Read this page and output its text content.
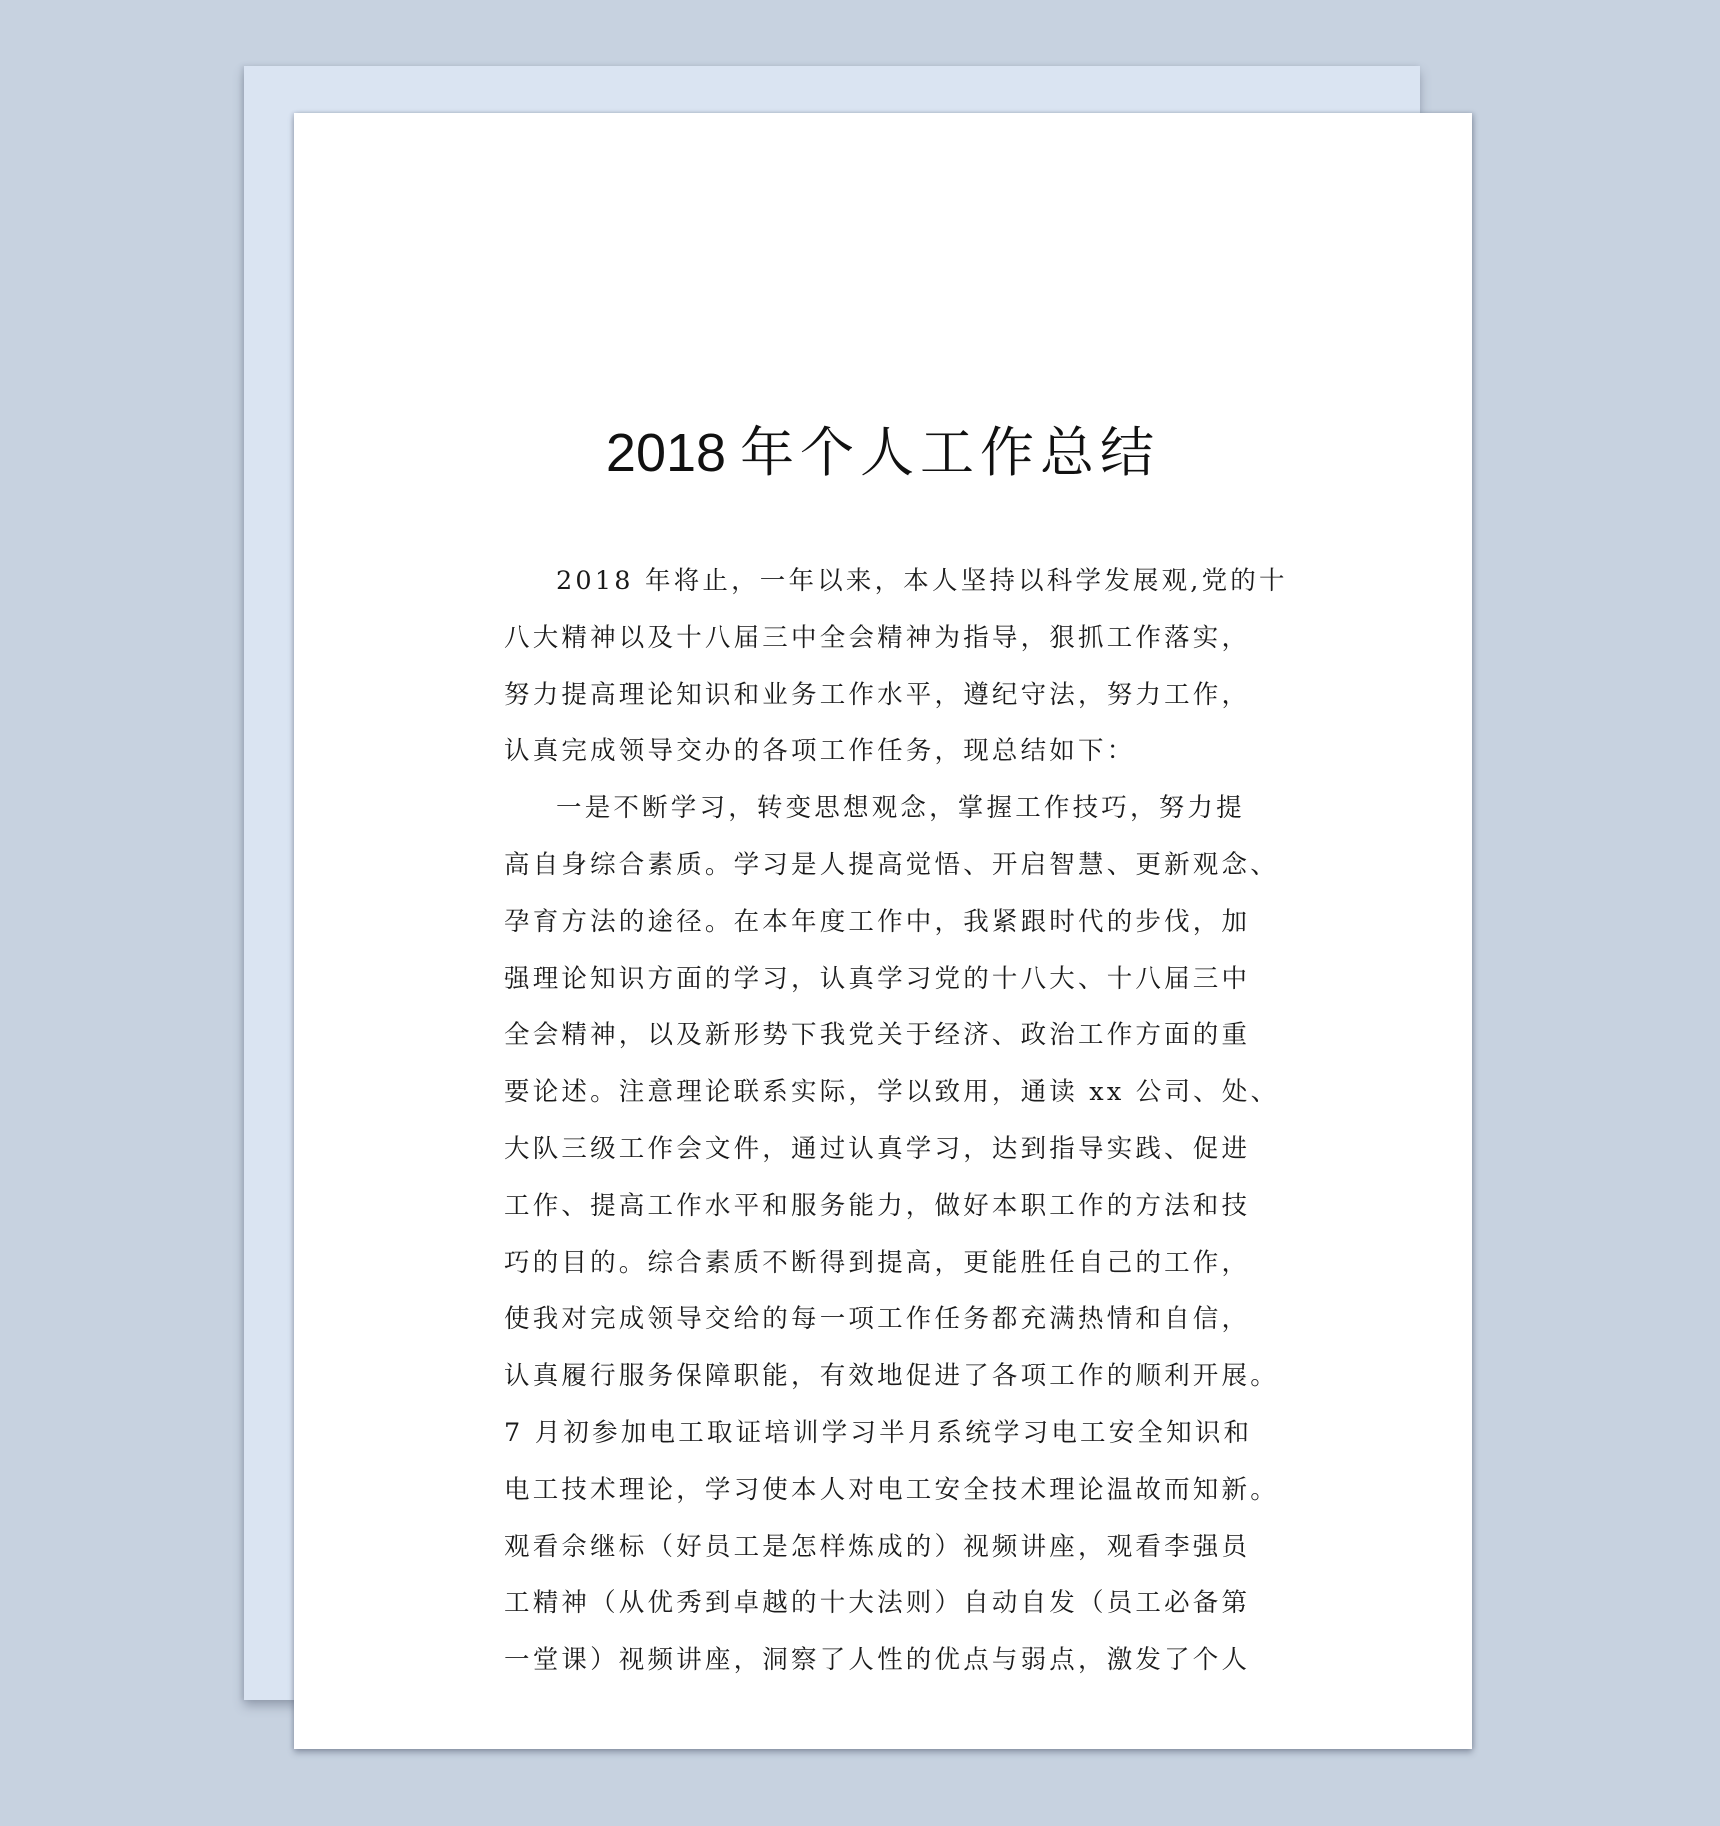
2018 年个人工作总结
2018 年将止，一年以来，本人坚持以科学发展观,党的十
八大精神以及十八届三中全会精神为指导，狠抓工作落实，
努力提高理论知识和业务工作水平，遵纪守法，努力工作，
认真完成领导交办的各项工作任务，现总结如下：
一是不断学习，转变思想观念，掌握工作技巧，努力提
高自身综合素质。学习是人提高觉悟、开启智慧、更新观念、
孕育方法的途径。在本年度工作中，我紧跟时代的步伐，加
强理论知识方面的学习，认真学习党的十八大、十八届三中
全会精神，以及新形势下我党关于经济、政治工作方面的重
要论述。注意理论联系实际，学以致用，通读 xx 公司、处、
大队三级工作会文件，通过认真学习，达到指导实践、促进
工作、提高工作水平和服务能力，做好本职工作的方法和技
巧的目的。综合素质不断得到提高，更能胜任自己的工作，
使我对完成领导交给的每一项工作任务都充满热情和自信，
认真履行服务保障职能，有效地促进了各项工作的顺利开展。
7 月初参加电工取证培训学习半月系统学习电工安全知识和
电工技术理论，学习使本人对电工安全技术理论温故而知新。
观看佘继标（好员工是怎样炼成的）视频讲座，观看李强员
工精神（从优秀到卓越的十大法则）自动自发（员工必备第
一堂课）视频讲座，洞察了人性的优点与弱点，激发了个人
